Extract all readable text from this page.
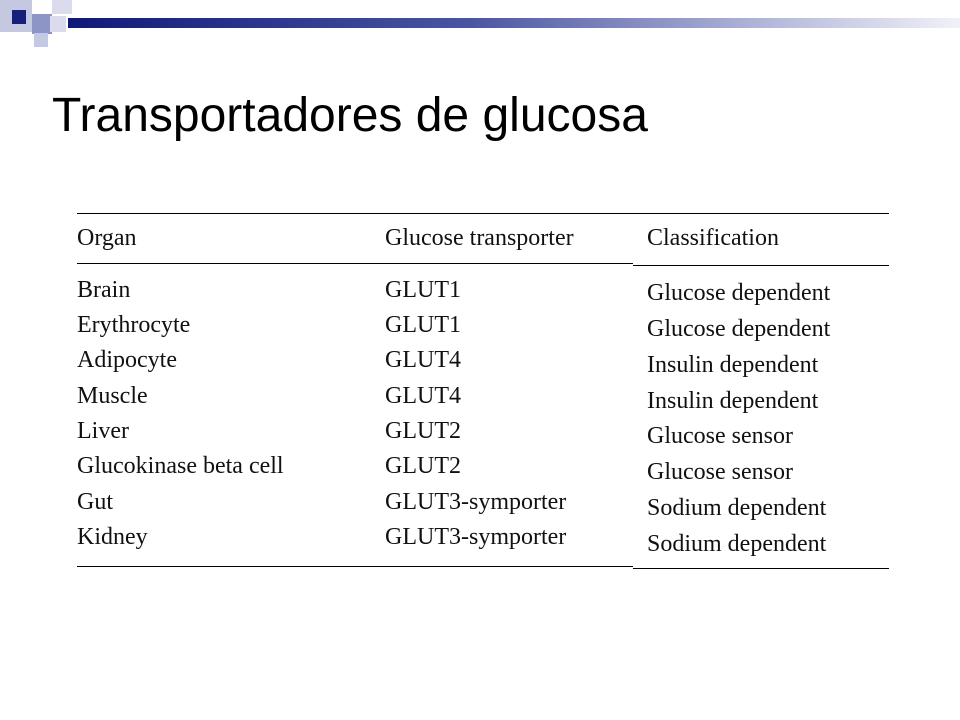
Transportadores de glucosa
Organ	Glucose transporter	Classification
Brain
Erythrocyte
Adipocyte
Muscle
Liver
Glucokinase beta cell
Gut
Kidney
GLUT1
GLUT1
GLUT4
GLUT4
GLUT2
GLUT2
GLUT3-symporter
GLUT3-symporter
Glucose dependent
Glucose dependent
Insulin dependent
Insulin dependent
Glucose sensor
Glucose sensor
Sodium dependent
Sodium dependent
